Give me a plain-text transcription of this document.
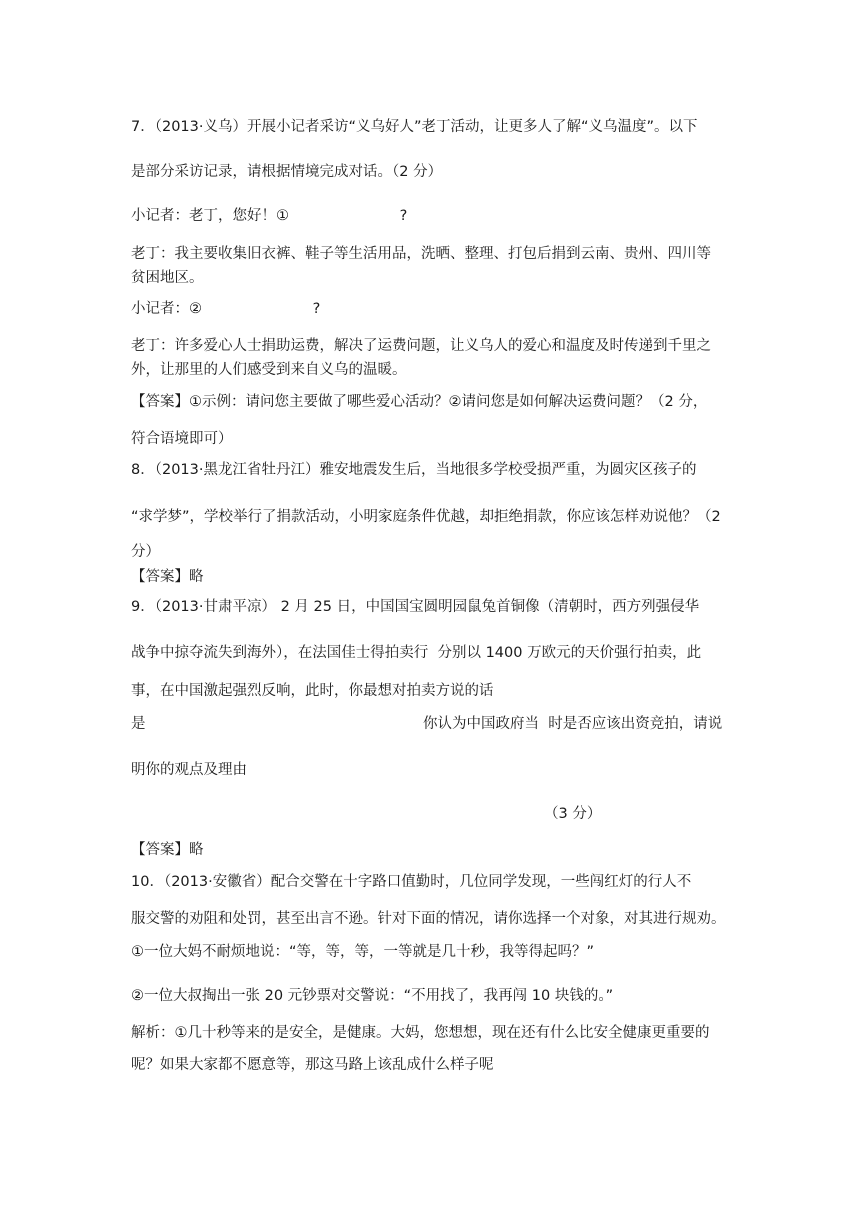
7．（2013·义乌）开展小记者采访“义乌好人”老丁活动，让更多人了解“义乌温度”。以下
是部分采访记录，请根据情境完成对话。（2 分）
小记者：老丁，您好！①                        ?
老丁：我主要收集旧衣裤、鞋子等生活用品，洗晒、整理、打包后捐到云南、贵州、四川等
贫困地区。
小记者：②                        ?
老丁：许多爱心人士捐助运费，解决了运费问题，让义乌人的爱心和温度及时传递到千里之
外，让那里的人们感受到来自义乌的温暖。
【答案】①示例：请问您主要做了哪些爱心活动？②请问您是如何解决运费问题？（2 分，
符合语境即可）
8．（2013·黑龙江省牡丹江）雅安地震发生后，当地很多学校受损严重，为圆灾区孩子的
“求学梦”，学校举行了捐款活动，小明家庭条件优越，却拒绝捐款，你应该怎样劝说他？（2
分）
【答案】略
9．（2013·甘肃平凉） 2 月 25 日，中国国宝圆明园鼠兔首铜像（清朝时，西方列强侵华
战争中掠夺流失到海外），在法国佳士得拍卖行  分别以 1400 万欧元的天价强行拍卖，此
事，在中国激起强烈反响，此时，你最想对拍卖方说的话
是	你认为中国政府当  时是否应该出资竞拍，请说
明你的观点及理由
（3 分）
【答案】略
10．（2013·安徽省）配合交警在十字路口值勤时，几位同学发现，一些闯红灯的行人不
服交警的劝阻和处罚，甚至出言不逊。针对下面的情况，请你选择一个对象，对其进行规劝。
①一位大妈不耐烦地说：“等，等，等，一等就是几十秒，我等得起吗？”
②一位大叔掏出一张 20 元钞票对交警说：“不用找了，我再闯 10 块钱的。”
解析：①几十秒等来的是安全，是健康。大妈，您想想，现在还有什么比安全健康更重要的
呢？如果大家都不愿意等，那这马路上该乱成什么样子呢
